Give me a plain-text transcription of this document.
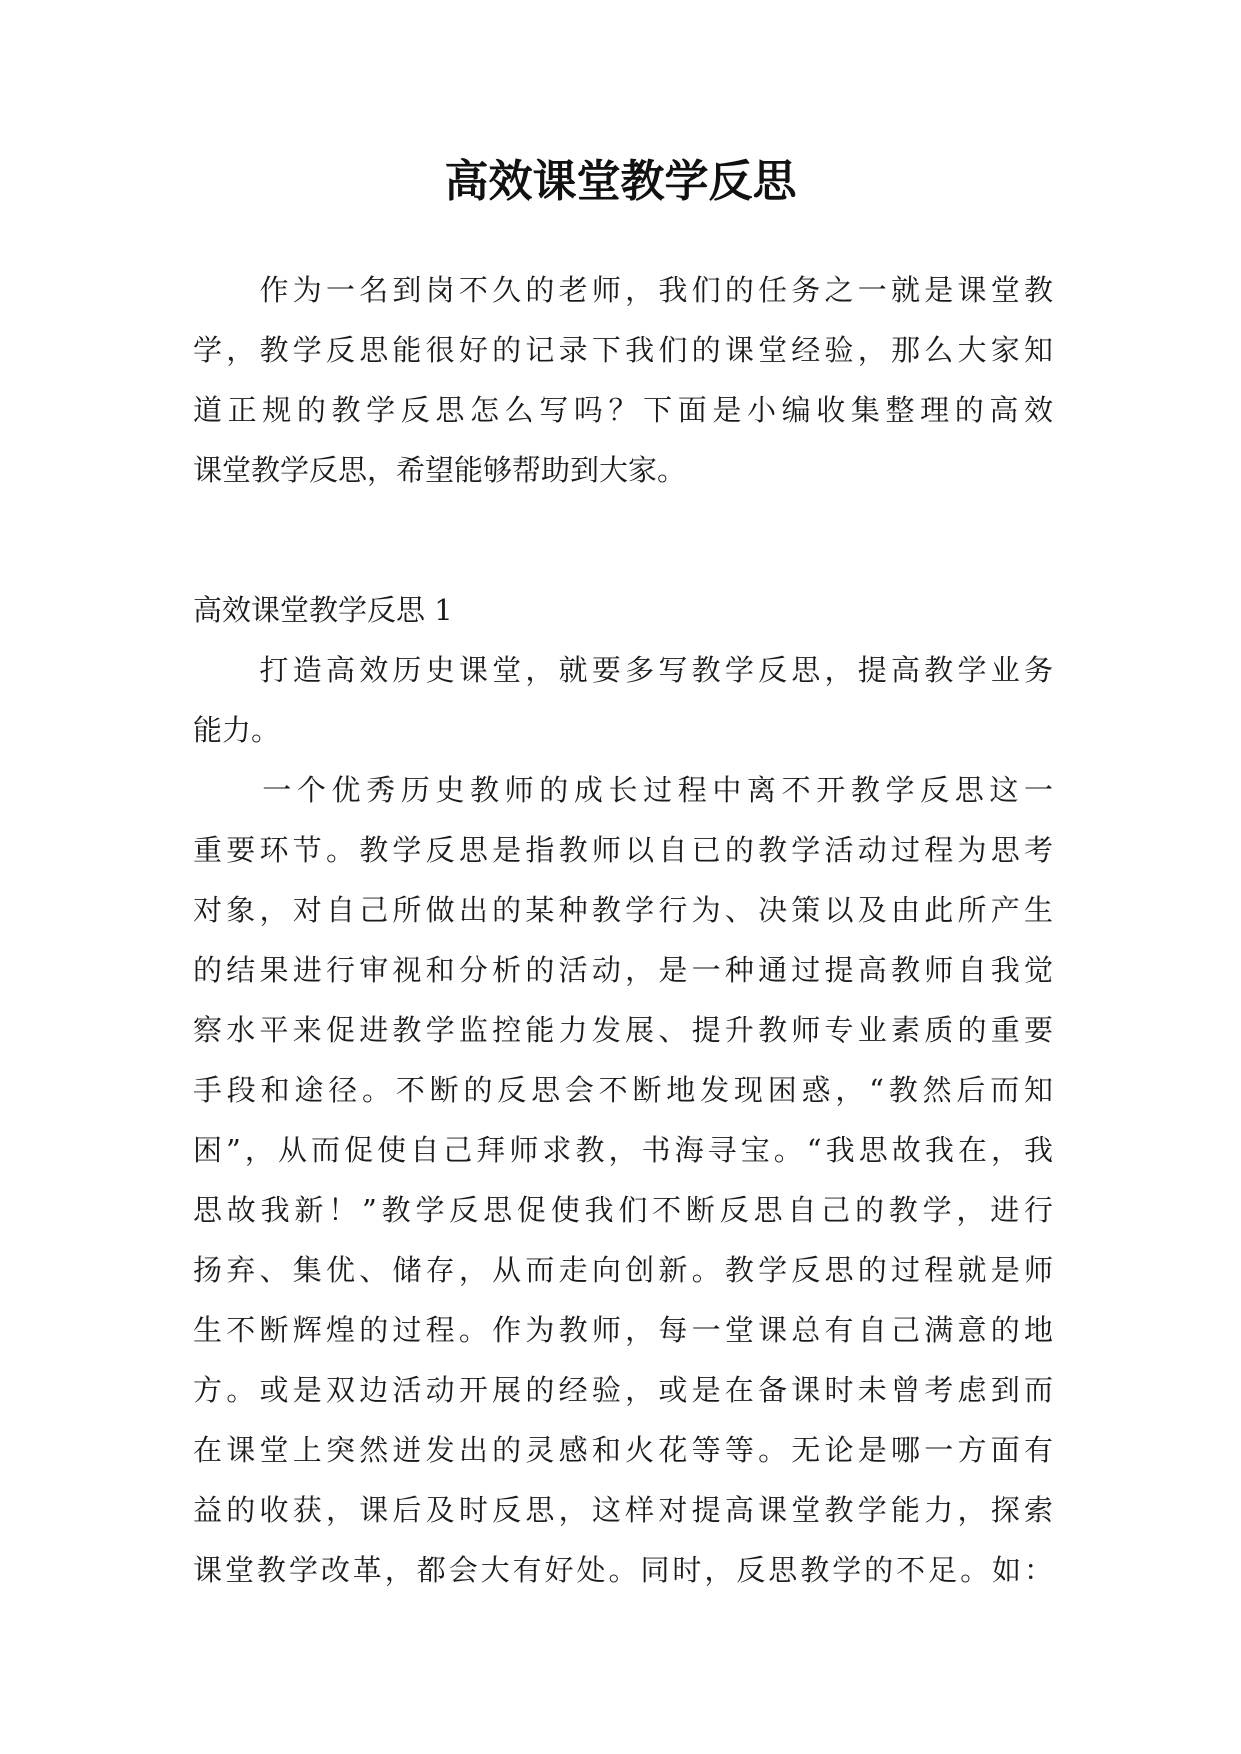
高效课堂教学反思
　　作为一名到岗不久的老师，我们的任务之一就是课堂教
学，教学反思能很好的记录下我们的课堂经验，那么大家知
道正规的教学反思怎么写吗？下面是小编收集整理的高效
课堂教学反思，希望能够帮助到大家。

高效课堂教学反思 1

　　打造高效历史课堂，就要多写教学反思，提高教学业务
能力。
　　一个优秀历史教师的成长过程中离不开教学反思这一
重要环节。教学反思是指教师以自已的教学活动过程为思考
对象，对自己所做出的某种教学行为、决策以及由此所产生
的结果进行审视和分析的活动，是一种通过提高教师自我觉
察水平来促进教学监控能力发展、提升教师专业素质的重要
手段和途径。不断的反思会不断地发现困惑，“教然后而知
困”，从而促使自己拜师求教，书海寻宝。“我思故我在，我
思故我新！”教学反思促使我们不断反思自己的教学，进行
扬弃、集优、储存，从而走向创新。教学反思的过程就是师
生不断辉煌的过程。作为教师，每一堂课总有自己满意的地
方。或是双边活动开展的经验，或是在备课时未曾考虑到而
在课堂上突然迸发出的灵感和火花等等。无论是哪一方面有
益的收获，课后及时反思，这样对提高课堂教学能力，探索
课堂教学改革，都会大有好处。同时，反思教学的不足。如：
